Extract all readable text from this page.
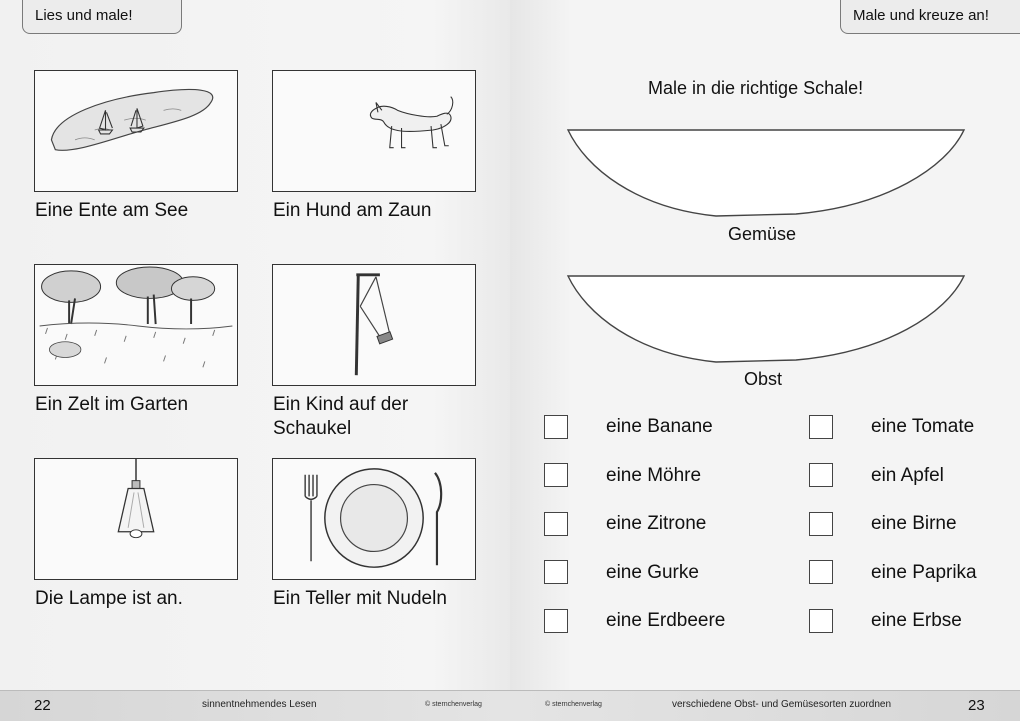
Lies und male!
Eine Ente am See	Ein Hund am Zaun
Ein Zelt im Garten	Ein Kind auf der Schaukel
Die Lampe ist an.	Ein Teller mit Nudeln
22	sinnentnehmendes Lesen	© sternchenverlag
Male und kreuze an!
Male in die richtige Schale!
Gemüse
Obst
eine Banane
eine Möhre
eine Zitrone
eine Gurke
eine Erdbeere
eine Tomate
ein Apfel
eine Birne
eine Paprika
eine Erbse
© sternchenverlag	verschiedene Obst- und Gemüsesorten zuordnen	23
